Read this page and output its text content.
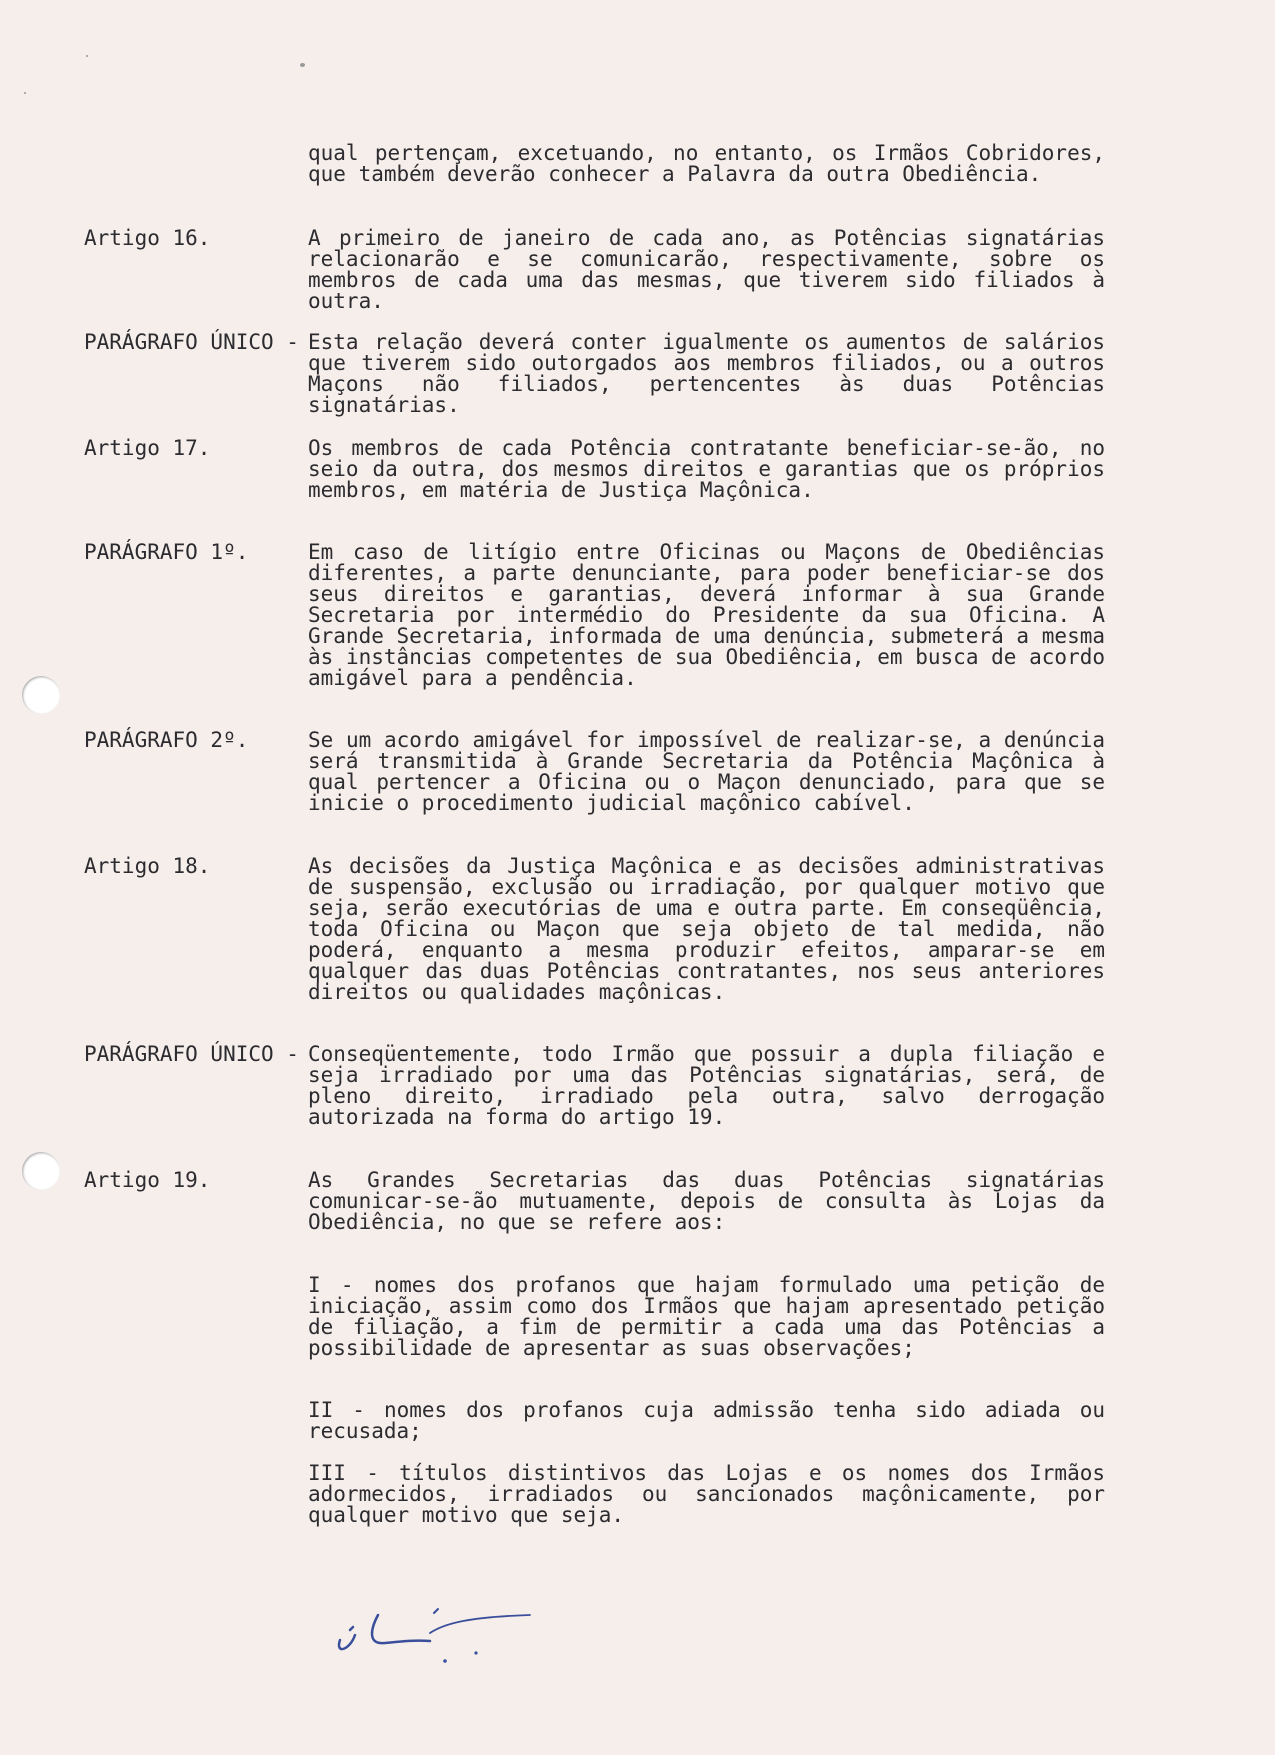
qual pertençam, excetuando, no entanto, os Irmãos Cobridores, que também deverão conhecer a Palavra da outra Obediência.
Artigo 16.	A primeiro de janeiro de cada ano, as Potências signatárias relacionarão e se comunicarão, respectivamente, sobre os membros de cada uma das mesmas, que tiverem sido filiados à outra.
PARÁGRAFO ÚNICO - Esta relação deverá conter igualmente os aumentos de salários que tiverem sido outorgados aos membros filiados, ou a outros Maçons não filiados, pertencentes às duas Potências signatárias.
Artigo 17.	Os membros de cada Potência contratante beneficiar-se-ão, no seio da outra, dos mesmos direitos e garantias que os próprios membros, em matéria de Justiça Maçônica.
PARÁGRAFO 1º.	Em caso de litígio entre Oficinas ou Maçons de Obediências diferentes, a parte denunciante, para poder beneficiar-se dos seus direitos e garantias, deverá informar à sua Grande Secretaria por intermédio do Presidente da sua Oficina. A Grande Secretaria, informada de uma denúncia, submeterá a mesma às instâncias competentes de sua Obediência, em busca de acordo amigável para a pendência.
PARÁGRAFO 2º.	Se um acordo amigável for impossível de realizar-se, a denúncia será transmitida à Grande Secretaria da Potência Maçônica à qual pertencer a Oficina ou o Maçon denunciado, para que se inicie o procedimento judicial maçônico cabível.
Artigo 18.	As decisões da Justiça Maçônica e as decisões administrativas de suspensão, exclusão ou irradiação, por qualquer motivo que seja, serão executórias de uma e outra parte. Em conseqüência, toda Oficina ou Maçon que seja objeto de tal medida, não poderá, enquanto a mesma produzir efeitos, amparar-se em qualquer das duas Potências contratantes, nos seus anteriores direitos ou qualidades maçônicas.
PARÁGRAFO ÚNICO - Conseqüentemente, todo Irmão que possuir a dupla filiação e seja irradiado por uma das Potências signatárias, será, de pleno direito, irradiado pela outra, salvo derrogação autorizada na forma do artigo 19.
Artigo 19.	As Grandes Secretarias das duas Potências signatárias comunicar-se-ão mutuamente, depois de consulta às Lojas da Obediência, no que se refere aos:
I - nomes dos profanos que hajam formulado uma petição de iniciação, assim como dos Irmãos que hajam apresentado petição de filiação, a fim de permitir a cada uma das Potências a possibilidade de apresentar as suas observações;
II - nomes dos profanos cuja admissão tenha sido adiada ou recusada;
III - títulos distintivos das Lojas e os nomes dos Irmãos adormecidos, irradiados ou sancionados maçônicamente, por qualquer motivo que seja.
